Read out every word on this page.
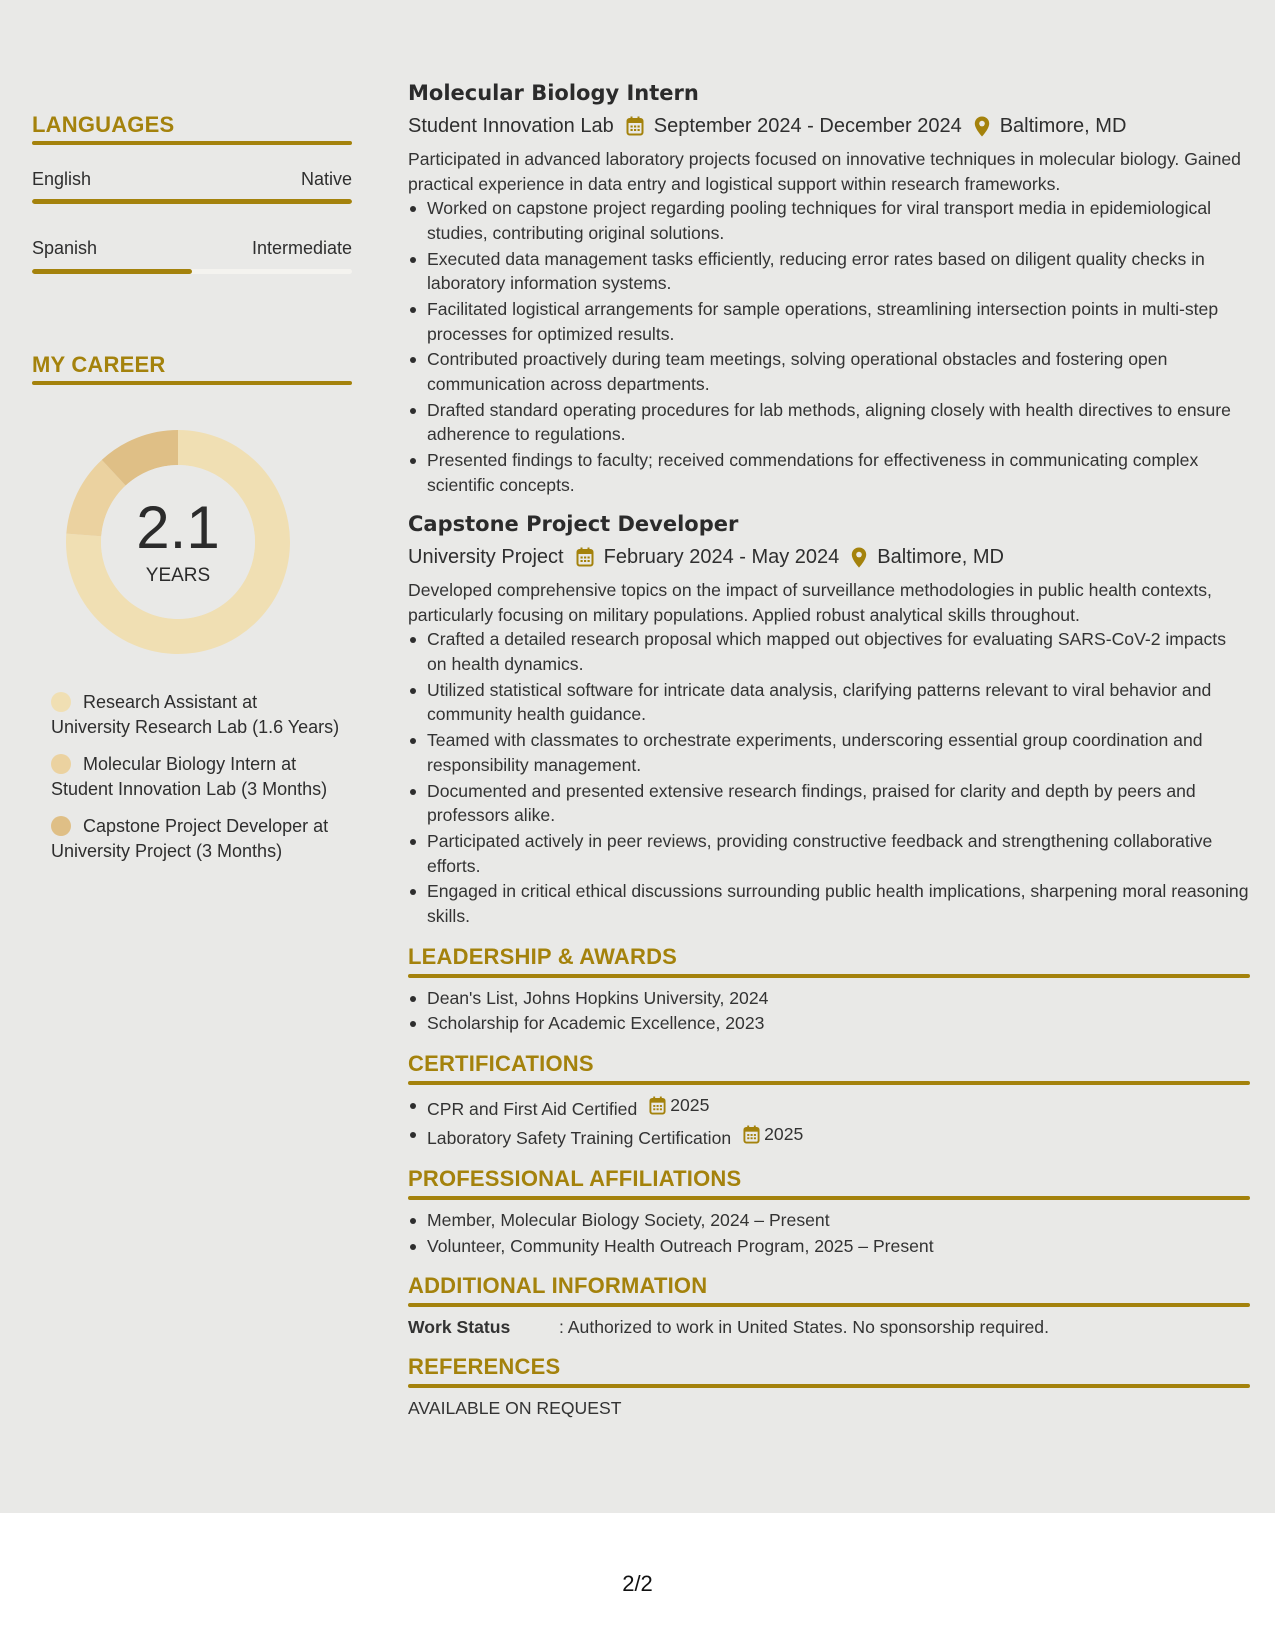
LANGUAGES
English	Native
Spanish	Intermediate
MY CAREER
2.1
YEARS
Research Assistant at University Research Lab (1.6 Years)
Molecular Biology Intern at Student Innovation Lab (3 Months)
Capstone Project Developer at University Project (3 Months)
Molecular Biology Intern
Student Innovation Lab September 2024 - December 2024 Baltimore, MD
Participated in advanced laboratory projects focused on innovative techniques in molecular biology. Gained practical experience in data entry and logistical support within research frameworks.
Worked on capstone project regarding pooling techniques for viral transport media in epidemiological studies, contributing original solutions.
Executed data management tasks efficiently, reducing error rates based on diligent quality checks in laboratory information systems.
Facilitated logistical arrangements for sample operations, streamlining intersection points in multi-step processes for optimized results.
Contributed proactively during team meetings, solving operational obstacles and fostering open communication across departments.
Drafted standard operating procedures for lab methods, aligning closely with health directives to ensure adherence to regulations.
Presented findings to faculty; received commendations for effectiveness in communicating complex scientific concepts.
Capstone Project Developer
University Project February 2024 - May 2024 Baltimore, MD
Developed comprehensive topics on the impact of surveillance methodologies in public health contexts, particularly focusing on military populations. Applied robust analytical skills throughout.
Crafted a detailed research proposal which mapped out objectives for evaluating SARS-CoV-2 impacts on health dynamics.
Utilized statistical software for intricate data analysis, clarifying patterns relevant to viral behavior and community health guidance.
Teamed with classmates to orchestrate experiments, underscoring essential group coordination and responsibility management.
Documented and presented extensive research findings, praised for clarity and depth by peers and professors alike.
Participated actively in peer reviews, providing constructive feedback and strengthening collaborative efforts.
Engaged in critical ethical discussions surrounding public health implications, sharpening moral reasoning skills.
LEADERSHIP & AWARDS
Dean's List, Johns Hopkins University, 2024
Scholarship for Academic Excellence, 2023
CERTIFICATIONS
CPR and First Aid Certified 2025
Laboratory Safety Training Certification 2025
PROFESSIONAL AFFILIATIONS
Member, Molecular Biology Society, 2024 – Present
Volunteer, Community Health Outreach Program, 2025 – Present
ADDITIONAL INFORMATION
Work Status	: Authorized to work in United States. No sponsorship required.
REFERENCES
AVAILABLE ON REQUEST
2/2
